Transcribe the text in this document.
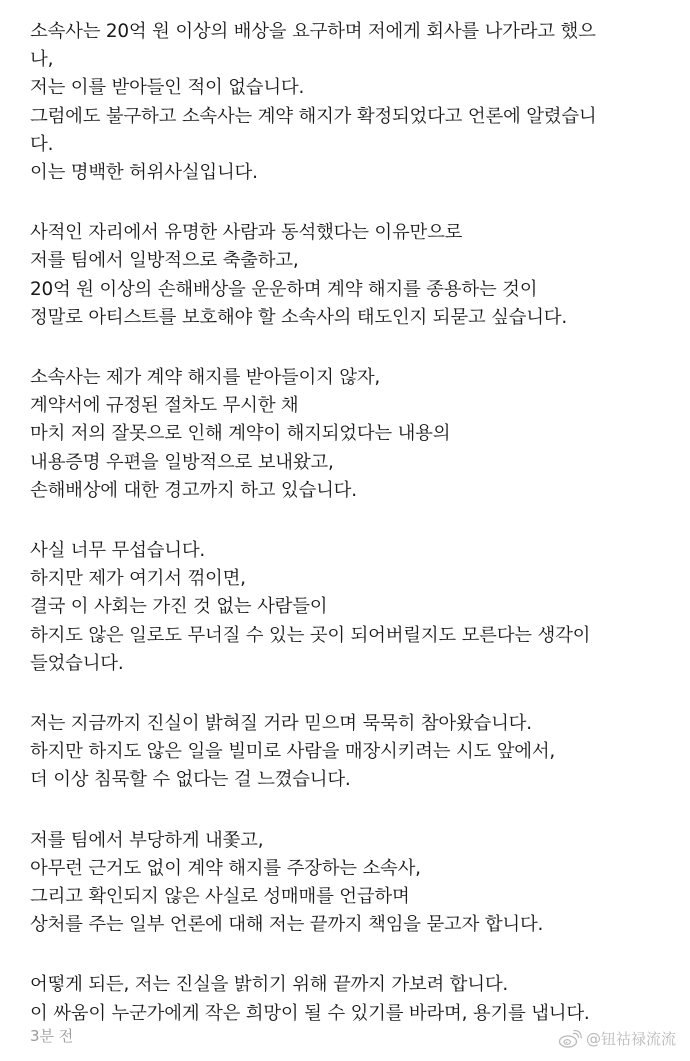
소속사는 20억 원 이상의 배상을 요구하며 저에게 회사를 나가라고 했으
나,
저는 이를 받아들인 적이 없습니다.
그럼에도 불구하고 소속사는 계약 해지가 확정되었다고 언론에 알렸습니
다.
이는 명백한 허위사실입니다.
사적인 자리에서 유명한 사람과 동석했다는 이유만으로
저를 팀에서 일방적으로 축출하고,
20억 원 이상의 손해배상을 운운하며 계약 해지를 종용하는 것이
정말로 아티스트를 보호해야 할 소속사의 태도인지 되묻고 싶습니다.
소속사는 제가 계약 해지를 받아들이지 않자,
계약서에 규정된 절차도 무시한 채
마치 저의 잘못으로 인해 계약이 해지되었다는 내용의
내용증명 우편을 일방적으로 보내왔고,
손해배상에 대한 경고까지 하고 있습니다.
사실 너무 무섭습니다.
하지만 제가 여기서 꺾이면,
결국 이 사회는 가진 것 없는 사람들이
하지도 않은 일로도 무너질 수 있는 곳이 되어버릴지도 모른다는 생각이
들었습니다.
저는 지금까지 진실이 밝혀질 거라 믿으며 묵묵히 참아왔습니다.
하지만 하지도 않은 일을 빌미로 사람을 매장시키려는 시도 앞에서,
더 이상 침묵할 수 없다는 걸 느꼈습니다.
저를 팀에서 부당하게 내쫓고,
아무런 근거도 없이 계약 해지를 주장하는 소속사,
그리고 확인되지 않은 사실로 성매매를 언급하며
상처를 주는 일부 언론에 대해 저는 끝까지 책임을 묻고자 합니다.
어떻게 되든, 저는 진실을 밝히기 위해 끝까지 가보려 합니다.
이 싸움이 누군가에게 작은 희망이 될 수 있기를 바라며, 용기를 냅니다.
3분 전	@钮祜禄流流
